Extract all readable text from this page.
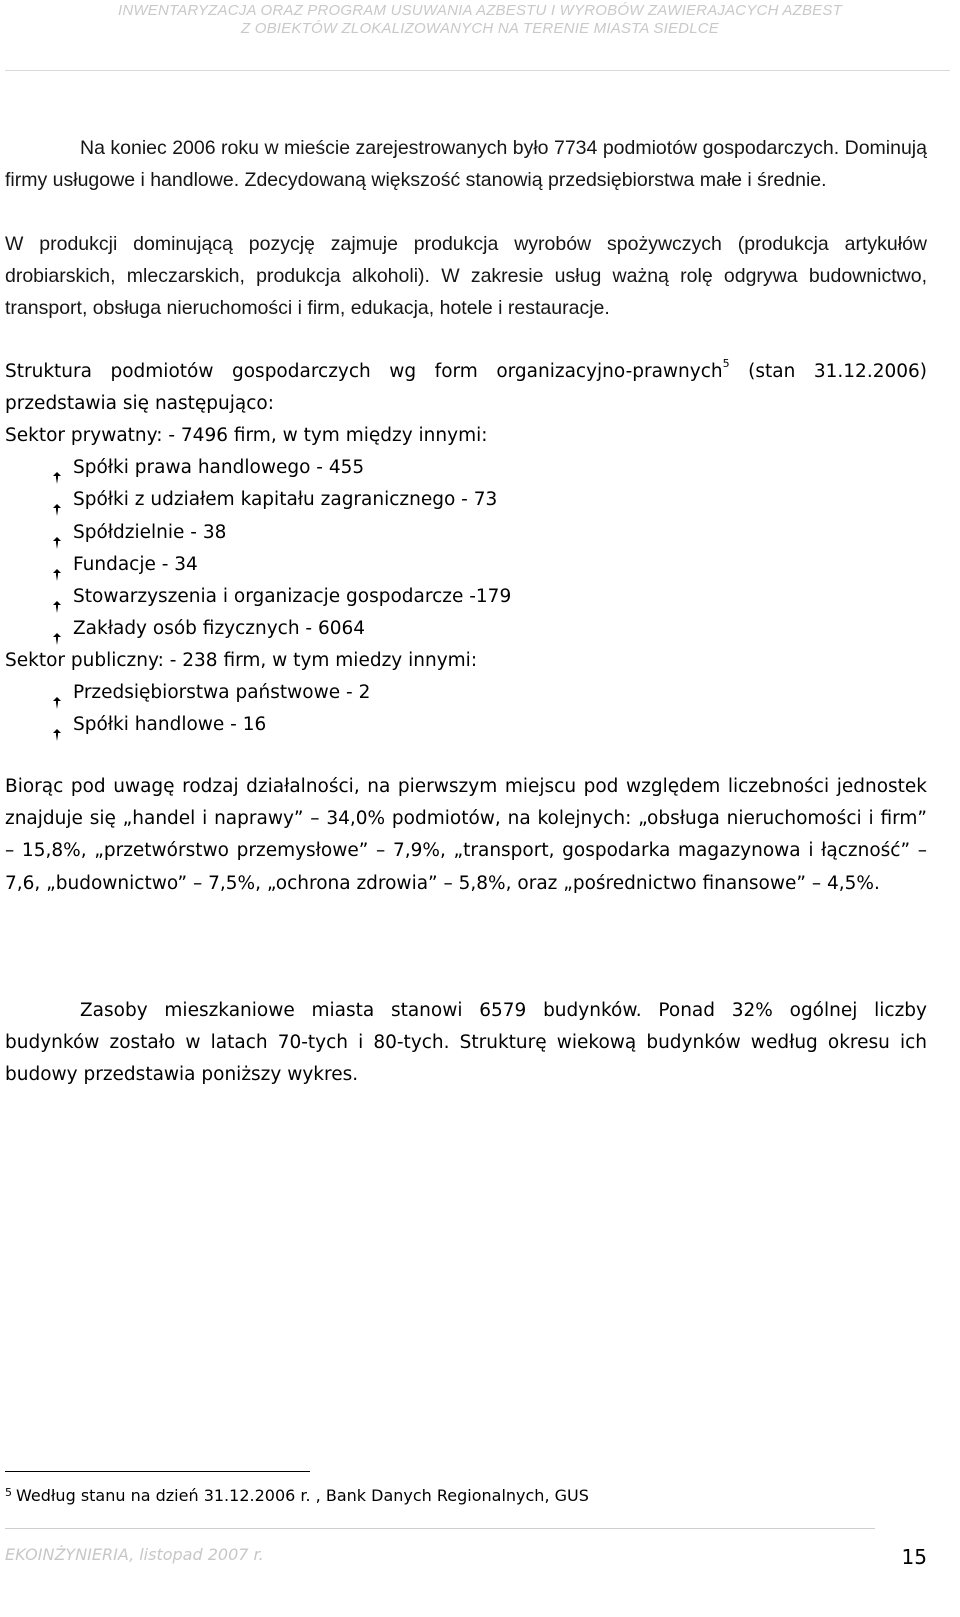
INWENTARYZACJA ORAZ PROGRAM USUWANIA AZBESTU I WYROBÓW ZAWIERAJACYCH AZBEST
Z OBIEKTÓW ZLOKALIZOWANYCH NA TERENIE MIASTA SIEDLCE

Na koniec 2006 roku w mieście zarejestrowanych było 7734 podmiotów gospodarczych. Dominują firmy usługowe i handlowe. Zdecydowaną większość stanowią przedsiębiorstwa małe i średnie.

W produkcji dominującą pozycję zajmuje produkcja wyrobów spożywczych (produkcja artykułów drobiarskich, mleczarskich, produkcja alkoholi). W zakresie usług ważną rolę odgrywa budownictwo, transport, obsługa nieruchomości i firm, edukacja, hotele i restauracje.

Struktura podmiotów gospodarczych wg form organizacyjno-prawnych$^5$ (stan 31.12.2006) przedstawia się następująco:

Sektor prywatny: - 7496 firm, w tym między innymi:

Spółki prawa handlowego - 455
Spółki z udziałem kapitału zagranicznego - 73
Spółdzielnie - 38
Fundacje - 34
Stowarzyszenia i organizacje gospodarcze -179
Zakłady osób fizycznych - 6064

Sektor publiczny: - 238 firm, w tym miedzy innymi:

Przedsiębiorstwa państwowe - 2
Spółki handlowe - 16

Biorąc pod uwagę rodzaj działalności, na pierwszym miejscu pod względem liczebności jednostek znajduje się „handel i naprawy” – 34,0% podmiotów, na kolejnych: „obsługa nieruchomości i firm” – 15,8%, „przetwórstwo przemysłowe” – 7,9%, „transport, gospodarka magazynowa i łączność” – 7,6, „budownictwo” – 7,5%, „ochrona zdrowia” – 5,8%, oraz „pośrednictwo finansowe” – 4,5%.

Zasoby mieszkaniowe miasta stanowi 6579 budynków. Ponad 32% ogólnej liczby budynków zostało w latach 70-tych i 80-tych. Strukturę wiekową budynków według okresu ich budowy przedstawia poniższy wykres.

$^5$ Według stanu na dzień 31.12.2006 r. , Bank Danych Regionalnych, GUS
EKOINŻYNIERIA, listopad 2007 r.	15
